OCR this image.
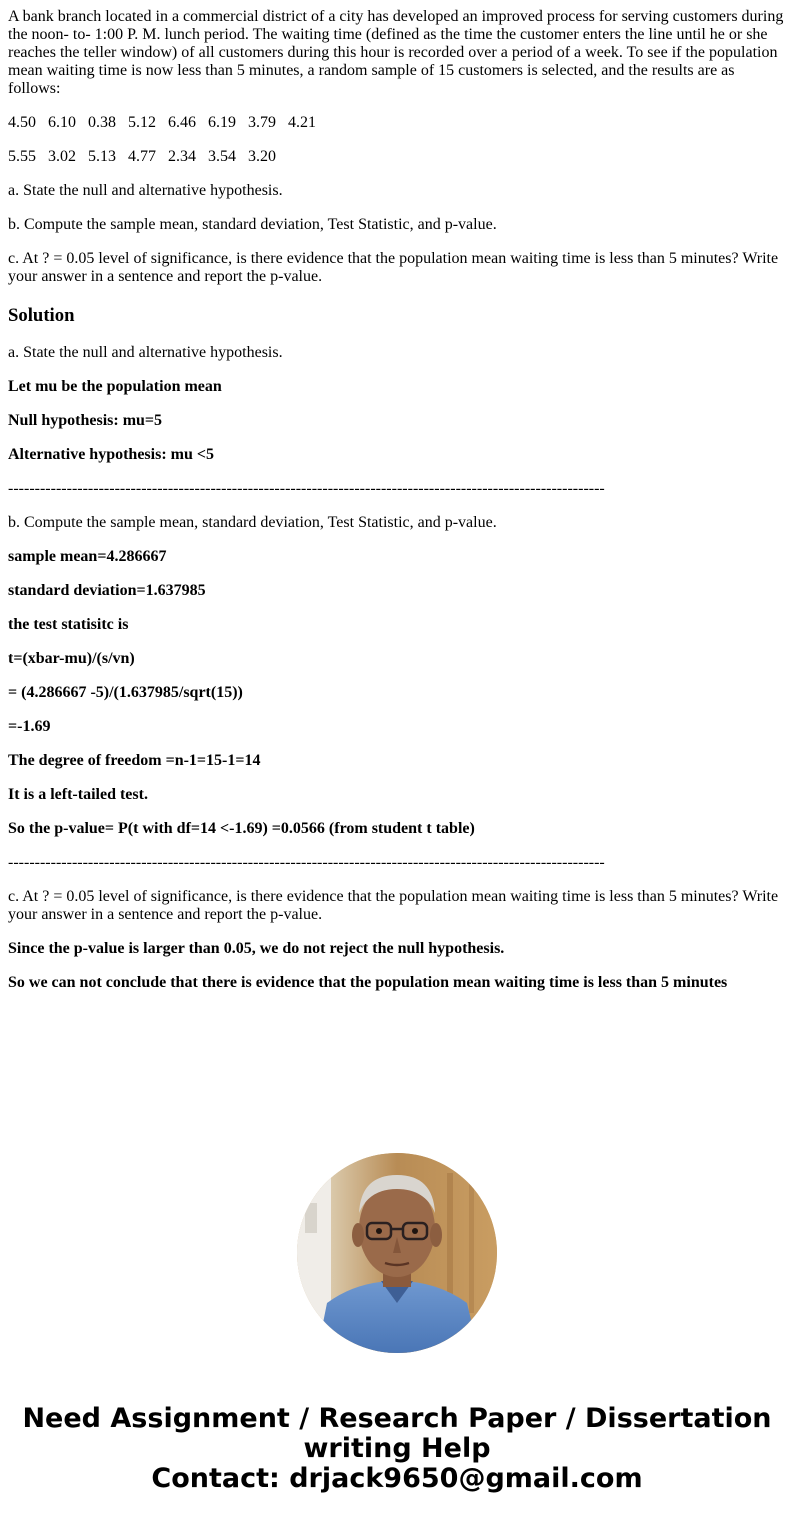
A bank branch located in a commercial district of a city has developed an improved process for serving customers during the noon- to- 1:00 P. M. lunch period. The waiting time (defined as the time the customer enters the line until he or she reaches the teller window) of all customers during this hour is recorded over a period of a week. To see if the population mean waiting time is now less than 5 minutes, a random sample of 15 customers is selected, and the results are as follows:

4.50   6.10   0.38   5.12   6.46   6.19   3.79   4.21

5.55   3.02   5.13   4.77   2.34   3.54   3.20

a. State the null and alternative hypothesis.

b. Compute the sample mean, standard deviation, Test Statistic, and p-value.

c. At ? = 0.05 level of significance, is there evidence that the population mean waiting time is less than 5 minutes? Write your answer in a sentence and report the p-value.

Solution

a. State the null and alternative hypothesis.

Let mu be the population mean

Null hypothesis: mu=5

Alternative hypothesis: mu <5

----------------------------------------------------------------------------------------------------------------

b. Compute the sample mean, standard deviation, Test Statistic, and p-value.

sample mean=4.286667

standard deviation=1.637985

the test statisitc is

t=(xbar-mu)/(s/vn)

= (4.286667 -5)/(1.637985/sqrt(15))

=-1.69

The degree of freedom =n-1=15-1=14

It is a left-tailed test.

So the p-value= P(t with df=14 <-1.69) =0.0566 (from student t table)

----------------------------------------------------------------------------------------------------------------

c. At ? = 0.05 level of significance, is there evidence that the population mean waiting time is less than 5 minutes? Write your answer in a sentence and report the p-value.

Since the p-value is larger than 0.05, we do not reject the null hypothesis.

So we can not conclude that there is evidence that the population mean waiting time is less than 5 minutes

Need Assignment / Research Paper / Dissertation
writing Help
Contact: drjack9650@gmail.com
